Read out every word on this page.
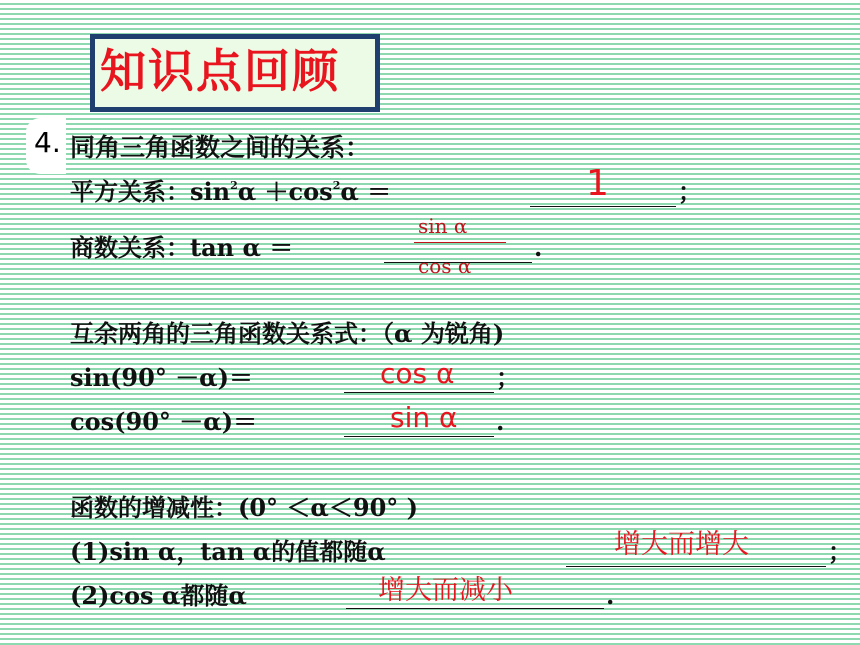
知识点回顾
4. 同角三角函数之间的关系：
平方关系：$\sin^2\alpha +\cos^2\alpha$ ＝	1	；
商数关系：tan α ＝
sin α
cos α
.
互余两角的三角函数关系式：（α 为锐角)
sin(90° －α)＝	cos α ；
cos(90° －α)＝	sin α .
函数的增减性：(0° ＜α＜90° )
(1)sin α，tan α的值都随α	增大而增大	；
(2)cos α都随α	增大而减小	.
